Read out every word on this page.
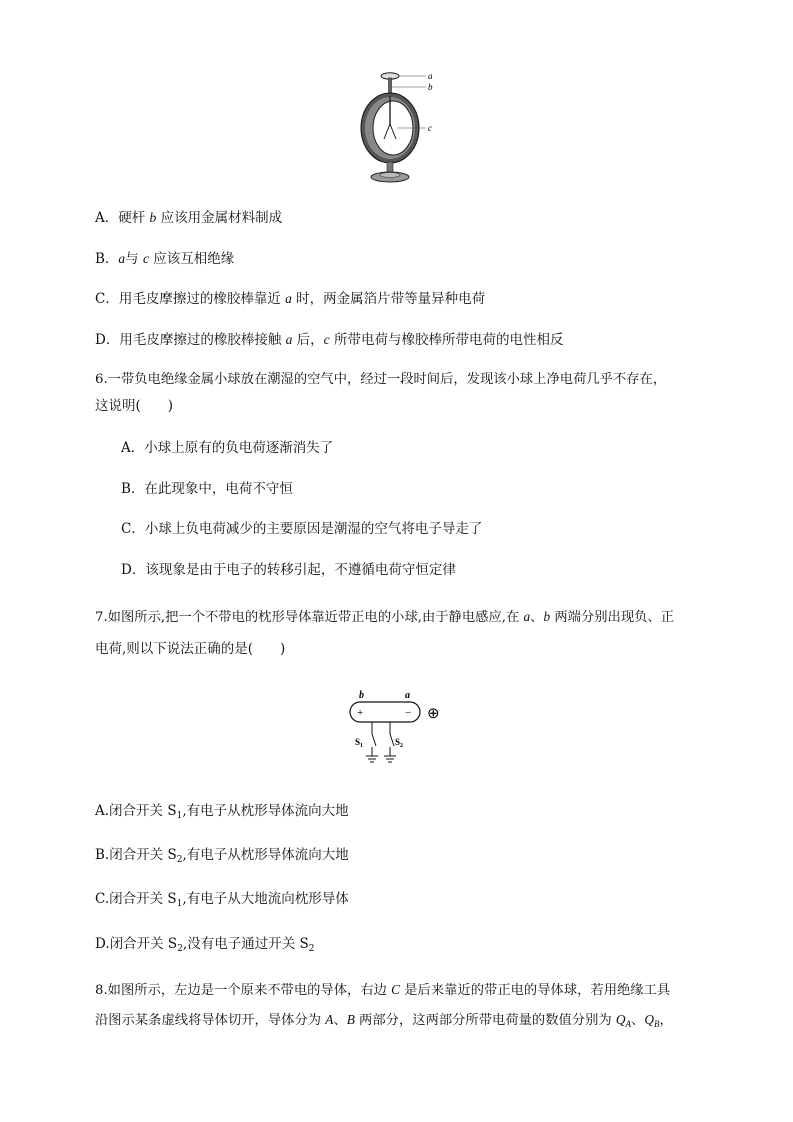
a
b
c
A．硬杆 b 应该用金属材料制成
B．a与 c 应该互相绝缘
C．用毛皮摩擦过的橡胶棒靠近 a 时，两金属箔片带等量异种电荷
D．用毛皮摩擦过的橡胶棒接触 a 后，c 所带电荷与橡胶棒所带电荷的电性相反
6.一带负电绝缘金属小球放在潮湿的空气中，经过一段时间后，发现该小球上净电荷几乎不存在，
这说明(　　)
A．小球上原有的负电荷逐渐消失了
B．在此现象中，电荷不守恒
C．小球上负电荷减少的主要原因是潮湿的空气将电子导走了
D．该现象是由于电子的转移引起，不遵循电荷守恒定律
7.如图所示,把一个不带电的枕形导体靠近带正电的小球,由于静电感应,在 a、b 两端分别出现负、正
电荷,则以下说法正确的是(　　)
b	a
+	− ⊕
$S_1$	$S_2$
A.闭合开关 $S_1$,有电子从枕形导体流向大地
B.闭合开关 $S_2$,有电子从枕形导体流向大地
C.闭合开关 $S_1$,有电子从大地流向枕形导体
D.闭合开关 $S_2$,没有电子通过开关 $S_2$
8.如图所示，左边是一个原来不带电的导体，右边 C 是后来靠近的带正电的导体球，若用绝缘工具
沿图示某条虚线将导体切开，导体分为 A、B 两部分，这两部分所带电荷量的数值分别为 $Q_A$、$Q_B$，
